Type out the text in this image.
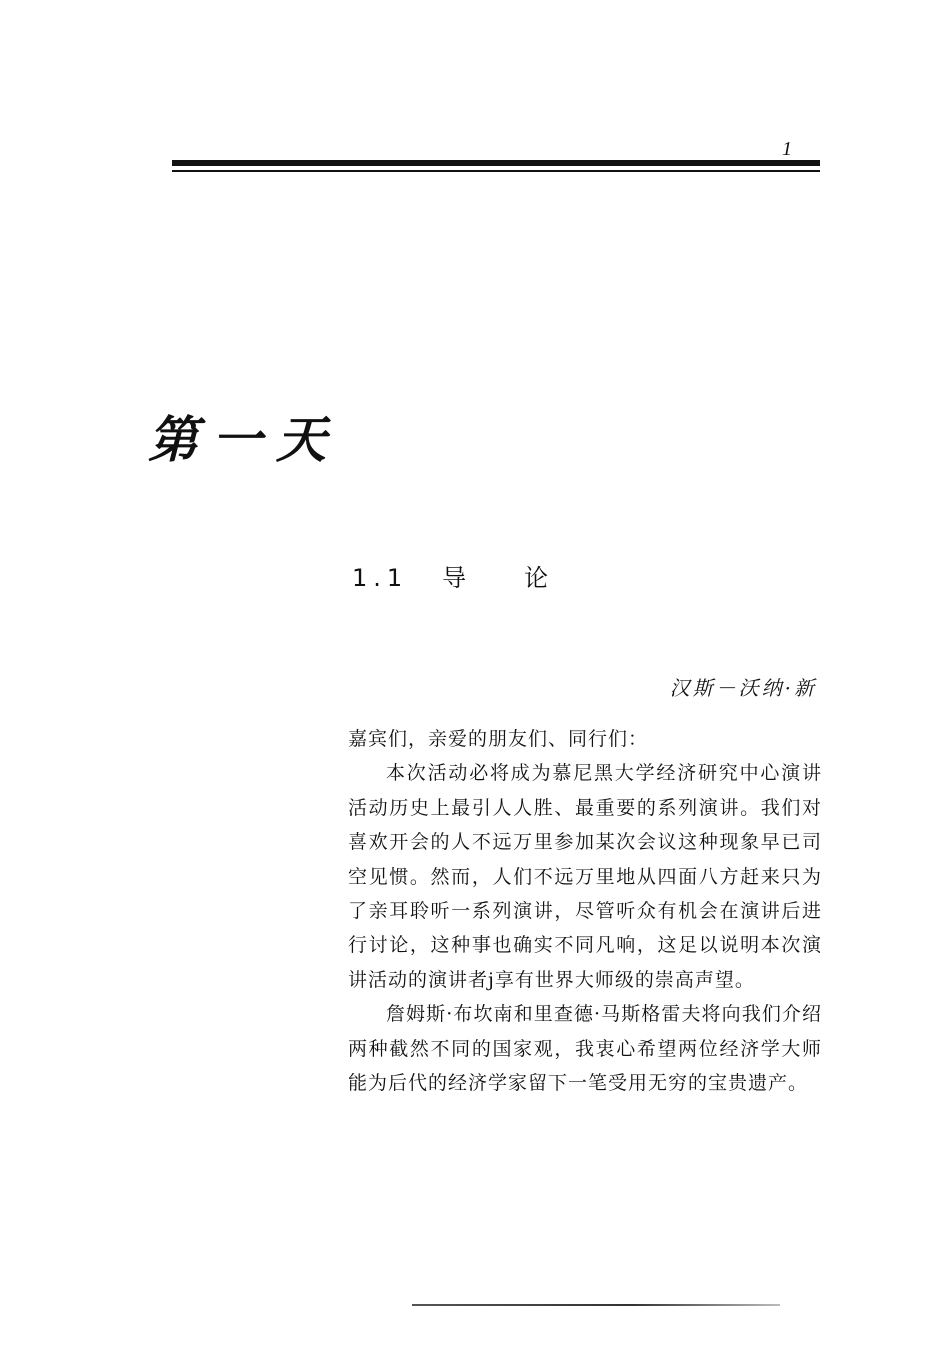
1
第一天
1.1 导 论
汉斯－沃纳·新

嘉宾们，亲爱的朋友们、同行们：

本次活动必将成为慕尼黑大学经济研究中心演讲活动历史上最引人人胜、最重要的系列演讲。我们对喜欢开会的人不远万里参加某次会议这种现象早已司空见惯。然而，人们不远万里地从四面八方赶来只为了亲耳聆听一系列演讲，尽管听众有机会在演讲后进行讨论，这种事也确实不同凡响，这足以说明本次演讲活动的演讲者j享有世界大师级的崇高声望。

詹姆斯·布坎南和里查德·马斯格雷夫将向我们介绍两种截然不同的国家观，我衷心希望两位经济学大师能为后代的经济学家留下一笔受用无穷的宝贵遗产。
